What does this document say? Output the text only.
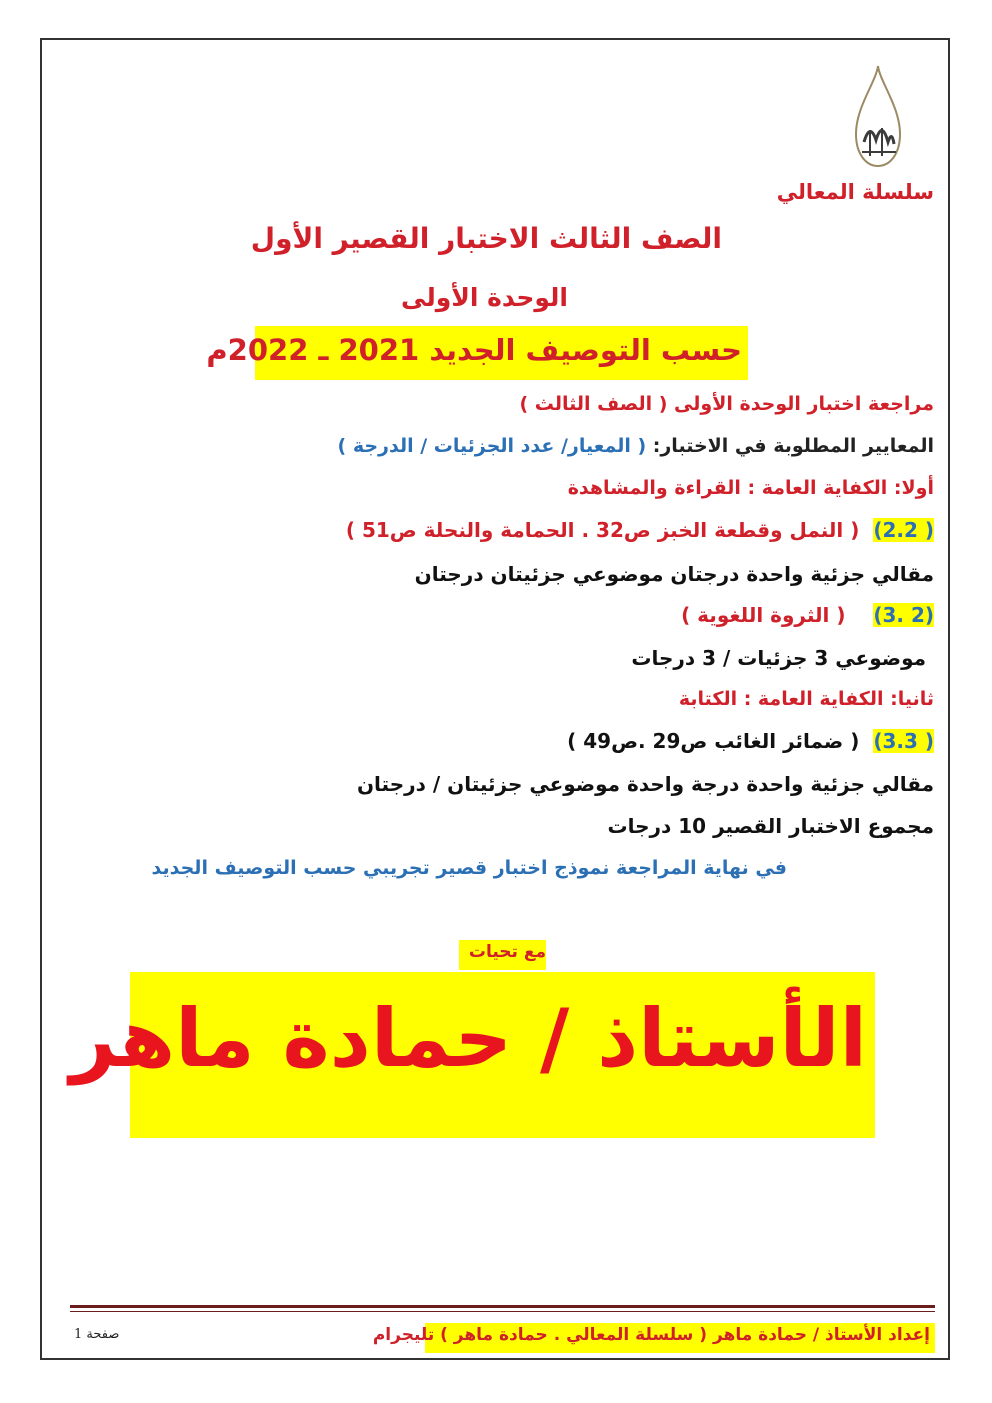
سلسلة المعالي
الصف الثالث الاختبار القصير الأول
الوحدة الأولى
حسب التوصيف الجديد 2021 ـ 2022م
مراجعة اختبار الوحدة الأولى ( الصف الثالث )
المعايير المطلوبة في الاختبار: ( المعيار/ عدد الجزئيات / الدرجة )
أولا: الكفاية العامة : القراءة والمشاهدة
( 2.2)  ( النمل وقطعة الخبز ص32 . الحمامة والنحلة ص51 )
مقالي جزئية واحدة درجتان موضوعي جزئيتان درجتان
(2 .3)    ( الثروة اللغوية )
موضوعي 3 جزئيات / 3 درجات
ثانيا: الكفاية العامة : الكتابة
( 3.3)  ( ضمائر الغائب ص29 .ص49 )
مقالي جزئية واحدة درجة واحدة موضوعي جزئيتان / درجتان
مجموع الاختبار القصير 10 درجات
في نهاية المراجعة نموذج اختبار قصير تجريبي حسب التوصيف الجديد
مع تحيات
الأستاذ / حمادة ماهر
إعداد الأستاذ / حمادة ماهر ( سلسلة المعالي . حمادة ماهر ) تليجرام
صفحة 1
